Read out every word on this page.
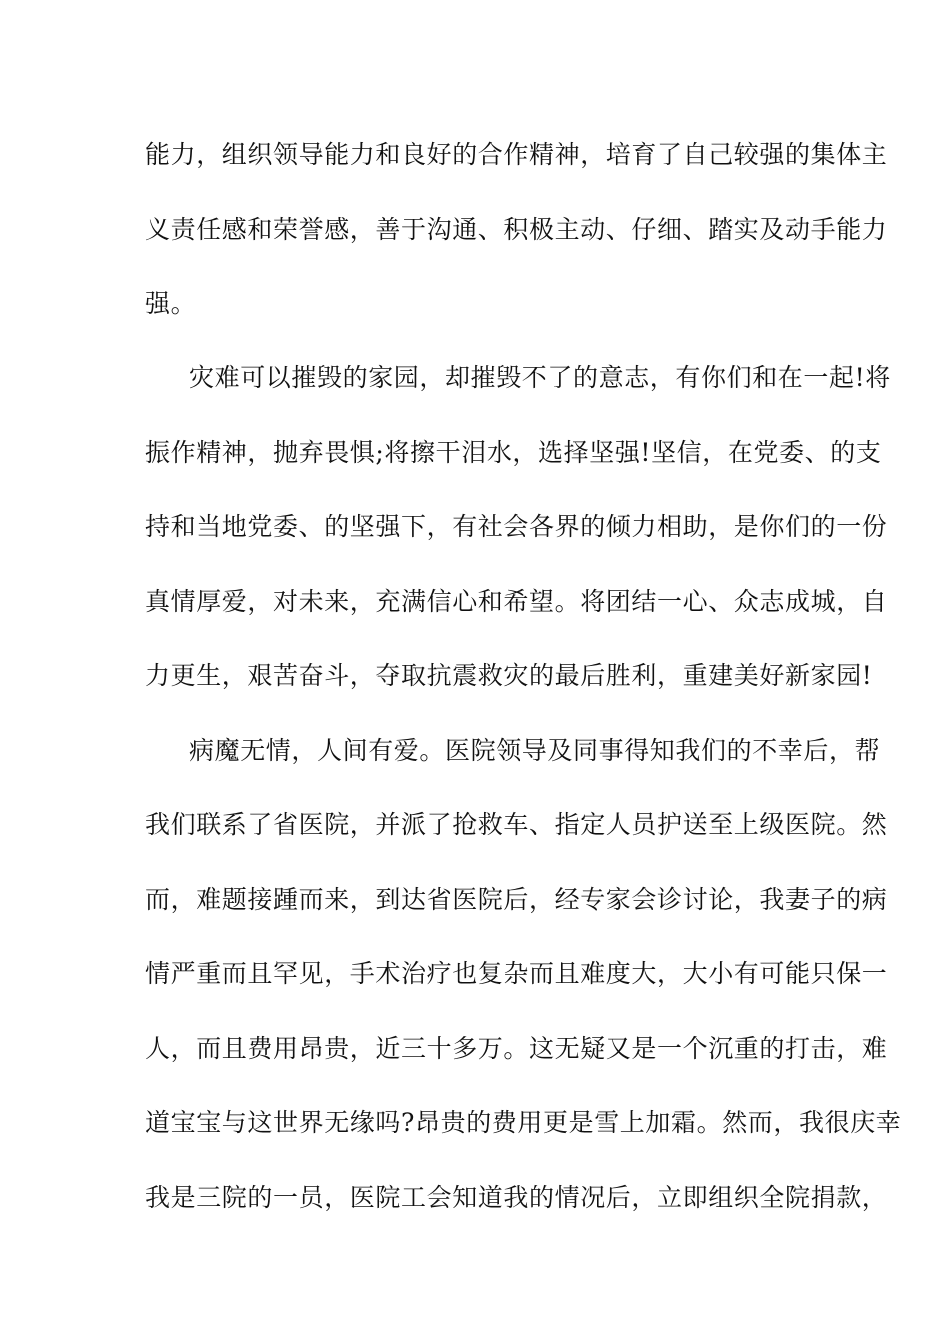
能力，组织领导能力和良好的合作精神，培育了自己较强的集体主

义责任感和荣誉感，善于沟通、积极主动、仔细、踏实及动手能力

强。

灾难可以摧毁的家园，却摧毁不了的意志，有你们和在一起!将

振作精神，抛弃畏惧;将擦干泪水，选择坚强!坚信，在党委、的支

持和当地党委、的坚强下，有社会各界的倾力相助，是你们的一份

真情厚爱，对未来，充满信心和希望。将团结一心、众志成城，自

力更生，艰苦奋斗，夺取抗震救灾的最后胜利，重建美好新家园!

病魔无情，人间有爱。医院领导及同事得知我们的不幸后，帮

我们联系了省医院，并派了抢救车、指定人员护送至上级医院。然

而，难题接踵而来，到达省医院后，经专家会诊讨论，我妻子的病

情严重而且罕见，手术治疗也复杂而且难度大，大小有可能只保一

人，而且费用昂贵，近三十多万。这无疑又是一个沉重的打击，难

道宝宝与这世界无缘吗?昂贵的费用更是雪上加霜。然而，我很庆幸

我是三院的一员，医院工会知道我的情况后，立即组织全院捐款，
